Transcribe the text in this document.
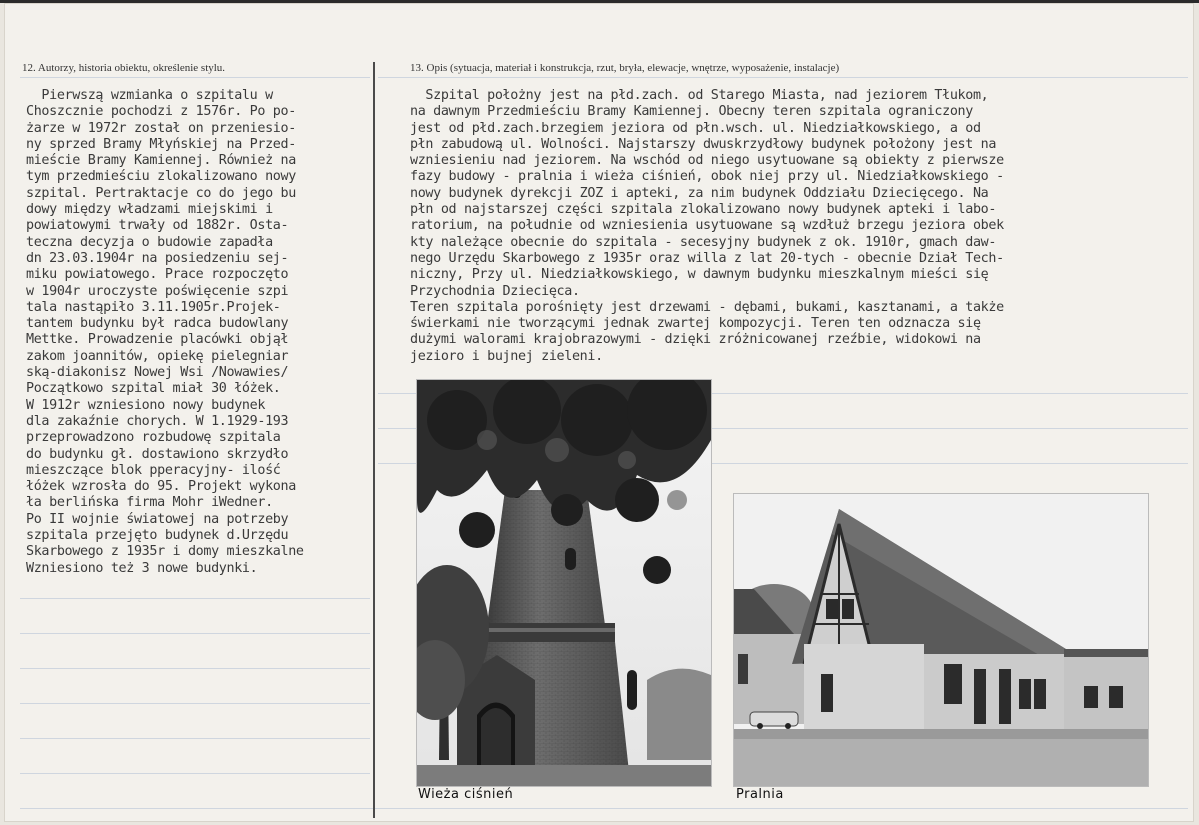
12. Autorzy, historia obiektu, określenie stylu.	13. Opis (sytuacja, materiał i konstrukcja, rzut, bryła, elewacje, wnętrze, wyposażenie, instalacje)
Pierwszą wzmianka o szpitalu w
Choszcznie pochodzi z 1576r. Po po-
żarze w 1972r został on przeniesio-
ny sprzed Bramy Młyńskiej na Przed-
mieście Bramy Kamiennej. Również na
tym przedmieściu zlokalizowano nowy
szpital. Pertraktacje co do jego bu
dowy między władzami miejskimi i
powiatowymi trwały od 1882r. Osta-
teczna decyzja o budowie zapadła
dn 23.03.1904r na posiedzeniu sej-
miku powiatowego. Prace rozpoczęto
w 1904r uroczyste poświęcenie szpi
tala nastąpiło 3.11.1905r.Projek-
tantem budynku był radca budowlany
Mettke. Prowadzenie placówki objął
zakom joannitów, opiekę pielegniar
ską-diakonisz Nowej Wsi /Nowawies/
Początkowo szpital miał 30 łóżek.
W 1912r wzniesiono nowy budynek
dla zakaźnie chorych. W 1.1929-193
przeprowadzono rozbudowę szpitala
do budynku gł. dostawiono skrzydło
mieszczące blok pperacyjny- ilość
łóżek wzrosła do 95. Projekt wykona
ła berlińska firma Mohr iWedner.
Po II wojnie światowej na potrzeby
szpitala przejęto budynek d.Urzędu
Skarbowego z 1935r i domy mieszkalne
Wzniesiono też 3 nowe budynki.
Szpital położny jest na płd.zach. od Starego Miasta, nad jeziorem Tłukom,
na dawnym Przedmieściu Bramy Kamiennej. Obecny teren szpitala ograniczony
jest od płd.zach.brzegiem jeziora od płn.wsch. ul. Niedziałkowskiego, a od
płn zabudową ul. Wolności. Najstarszy dwuskrzydłowy budynek położony jest na
wzniesieniu nad jeziorem. Na wschód od niego usytuowane są obiekty z pierwsze
fazy budowy - pralnia i wieża ciśnień, obok niej przy ul. Niedziałkowskiego -
nowy budynek dyrekcji ZOZ i apteki, za nim budynek Oddziału Dziecięcego. Na
płn od najstarszej części szpitala zlokalizowano nowy budynek apteki i labo-
ratorium, na południe od wzniesienia usytuowane są wzdłuż brzegu jeziora obek
kty należące obecnie do szpitala - secesyjny budynek z ok. 1910r, gmach daw-
nego Urzędu Skarbowego z 1935r oraz willa z lat 20-tych - obecnie Dział Tech-
niczny, Przy ul. Niedziałkowskiego, w dawnym budynku mieszkalnym mieści się
Przychodnia Dziecięca.
Teren szpitala porośnięty jest drzewami - dębami, bukami, kasztanami, a także
świerkami nie tworzącymi jednak zwartej kompozycji. Teren ten odznacza się
dużymi walorami krajobrazowymi - dzięki zróżnicowanej rzeźbie, widokowi na
jezioro i bujnej zieleni.
Wieża ciśnień	Pralnia
